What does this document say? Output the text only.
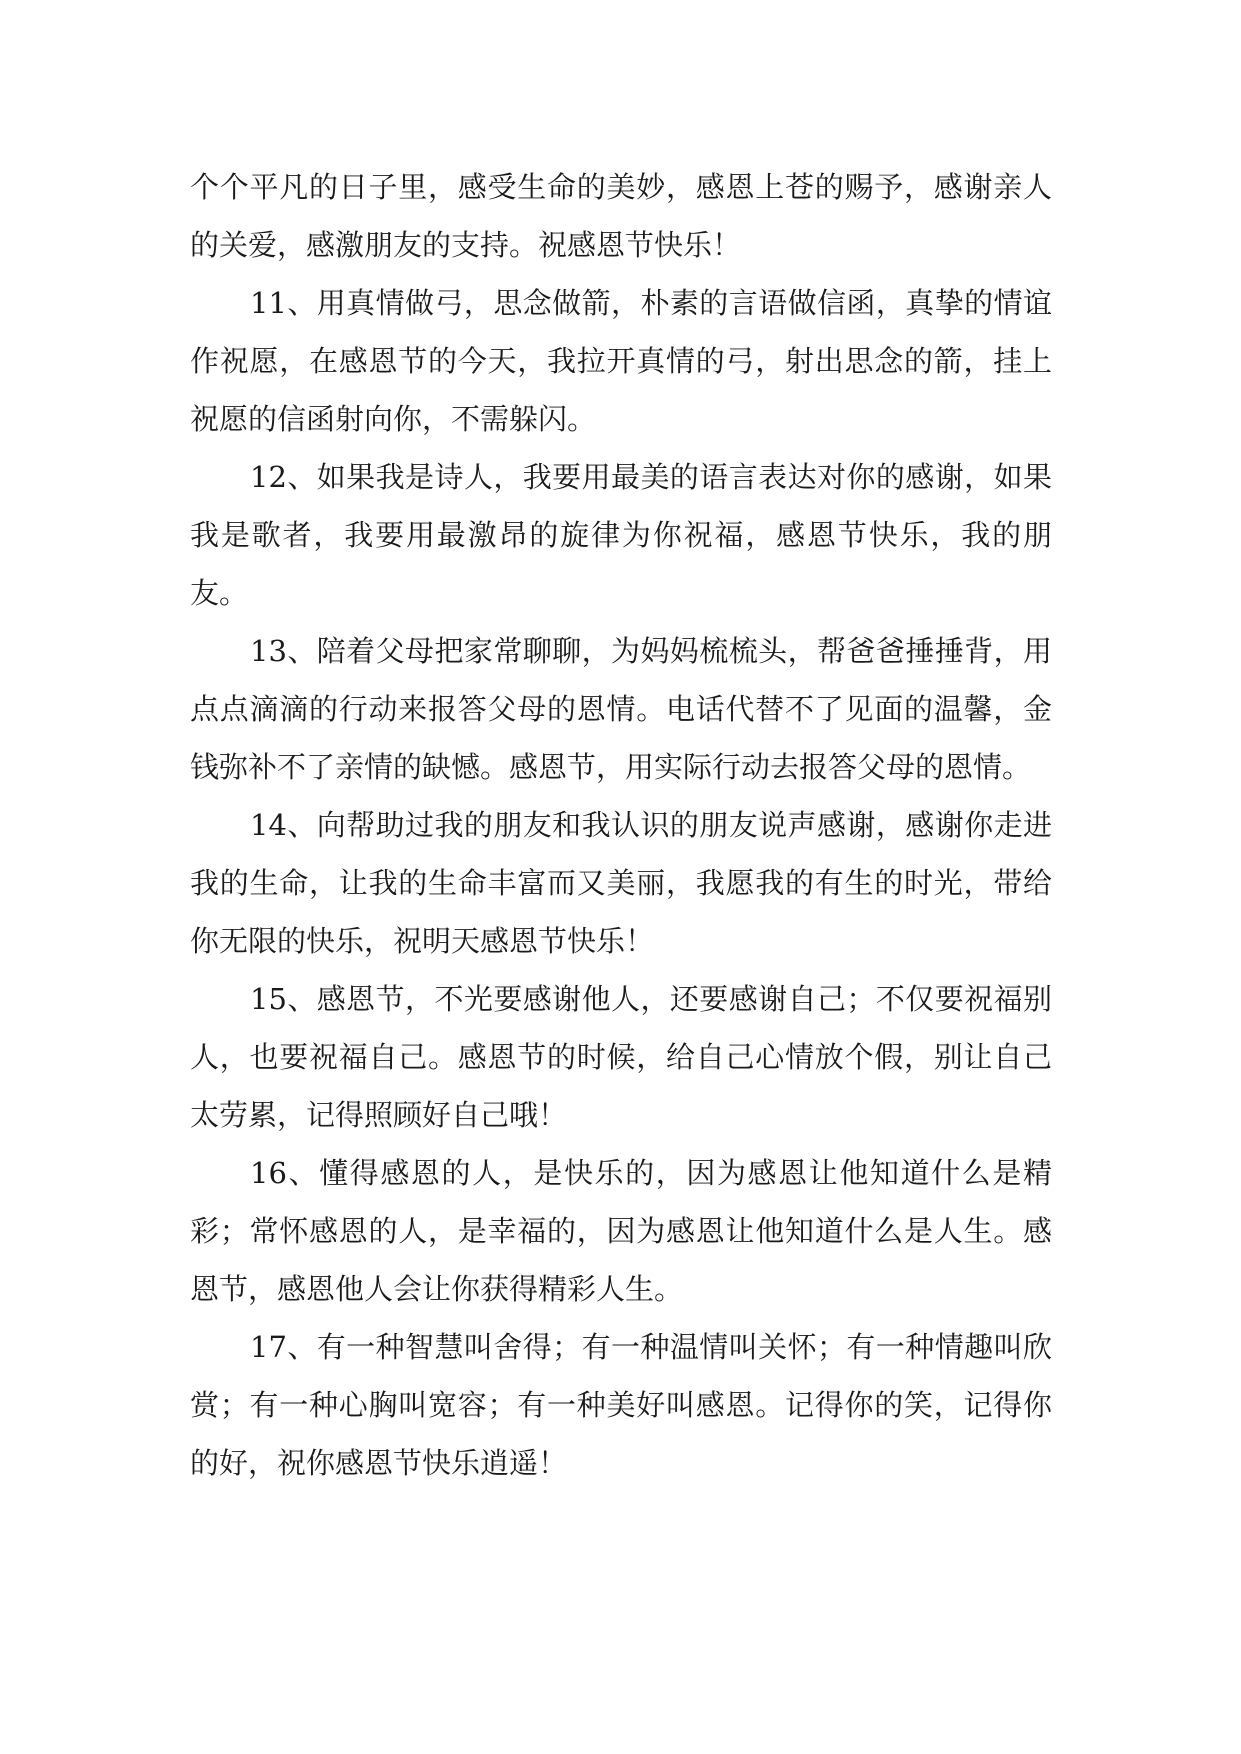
个个平凡的日子里，感受生命的美妙，感恩上苍的赐予，感谢亲人的关爱，感激朋友的支持。祝感恩节快乐！

11、用真情做弓，思念做箭，朴素的言语做信函，真挚的情谊作祝愿，在感恩节的今天，我拉开真情的弓，射出思念的箭，挂上祝愿的信函射向你，不需躲闪。

12、如果我是诗人，我要用最美的语言表达对你的感谢，如果我是歌者，我要用最激昂的旋律为你祝福，感恩节快乐，我的朋友。

13、陪着父母把家常聊聊，为妈妈梳梳头，帮爸爸捶捶背，用点点滴滴的行动来报答父母的恩情。电话代替不了见面的温馨，金钱弥补不了亲情的缺憾。感恩节，用实际行动去报答父母的恩情。

14、向帮助过我的朋友和我认识的朋友说声感谢，感谢你走进我的生命，让我的生命丰富而又美丽，我愿我的有生的时光，带给你无限的快乐，祝明天感恩节快乐！

15、感恩节，不光要感谢他人，还要感谢自己；不仅要祝福别人，也要祝福自己。感恩节的时候，给自己心情放个假，别让自己太劳累，记得照顾好自己哦！

16、懂得感恩的人，是快乐的，因为感恩让他知道什么是精彩；常怀感恩的人，是幸福的，因为感恩让他知道什么是人生。感恩节，感恩他人会让你获得精彩人生。

17、有一种智慧叫舍得；有一种温情叫关怀；有一种情趣叫欣赏；有一种心胸叫宽容；有一种美好叫感恩。记得你的笑，记得你的好，祝你感恩节快乐逍遥！
